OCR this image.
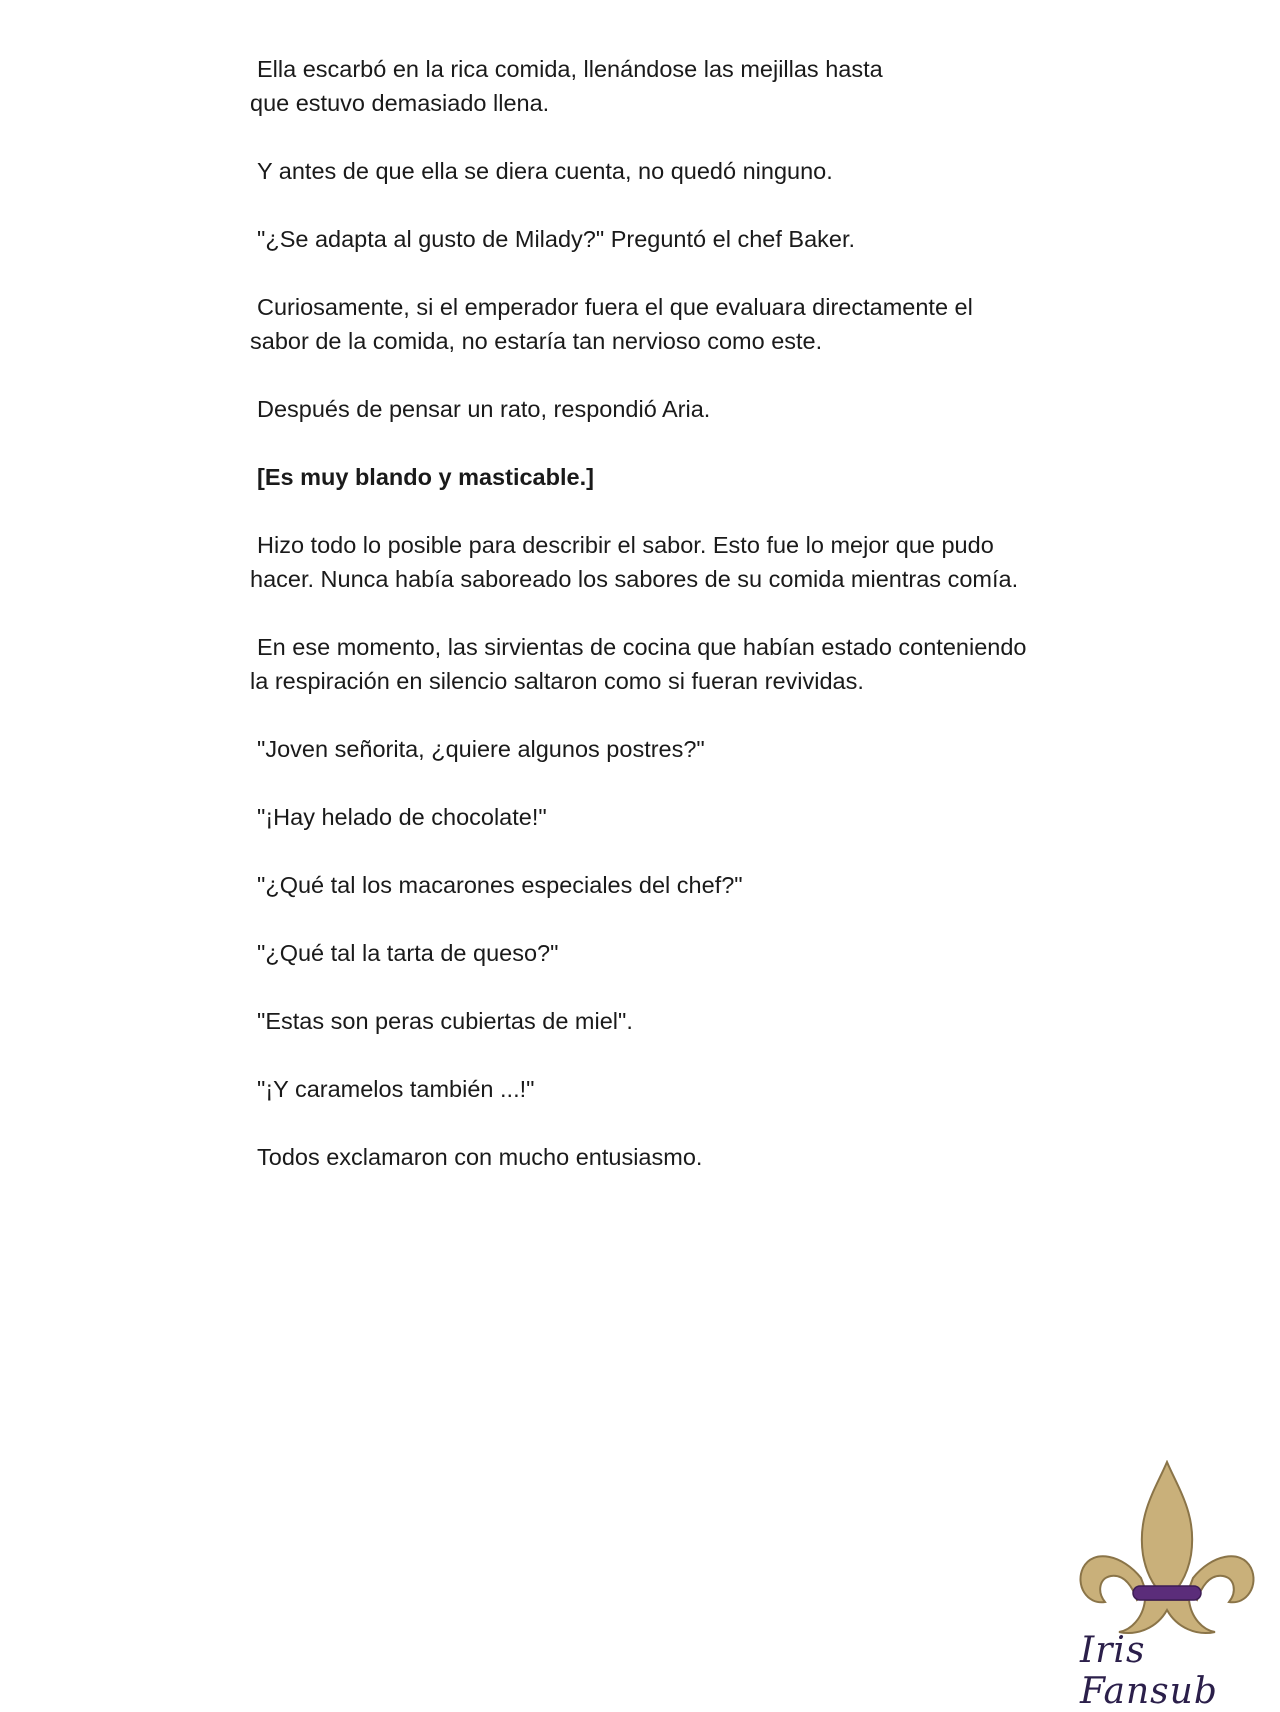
Ella escarbó en la rica comida, llenándose las mejillas hasta que estuvo demasiado llena.

Y antes de que ella se diera cuenta, no quedó ninguno.

"¿Se adapta al gusto de Milady?" Preguntó el chef Baker.

Curiosamente, si el emperador fuera el que evaluara directamente el sabor de la comida, no estaría tan nervioso como este.

Después de pensar un rato, respondió Aria.

[Es muy blando y masticable.]

Hizo todo lo posible para describir el sabor. Esto fue lo mejor que pudo hacer. Nunca había saboreado los sabores de su comida mientras comía.

En ese momento, las sirvientas de cocina que habían estado conteniendo la respiración en silencio saltaron como si fueran revividas.

"Joven señorita, ¿quiere algunos postres?"

"¡Hay helado de chocolate!"

"¿Qué tal los macarones especiales del chef?"

"¿Qué tal la tarta de queso?"

"Estas son peras cubiertas de miel".

"¡Y caramelos también ...!"

Todos exclamaron con mucho entusiasmo.

Iris Fansub
